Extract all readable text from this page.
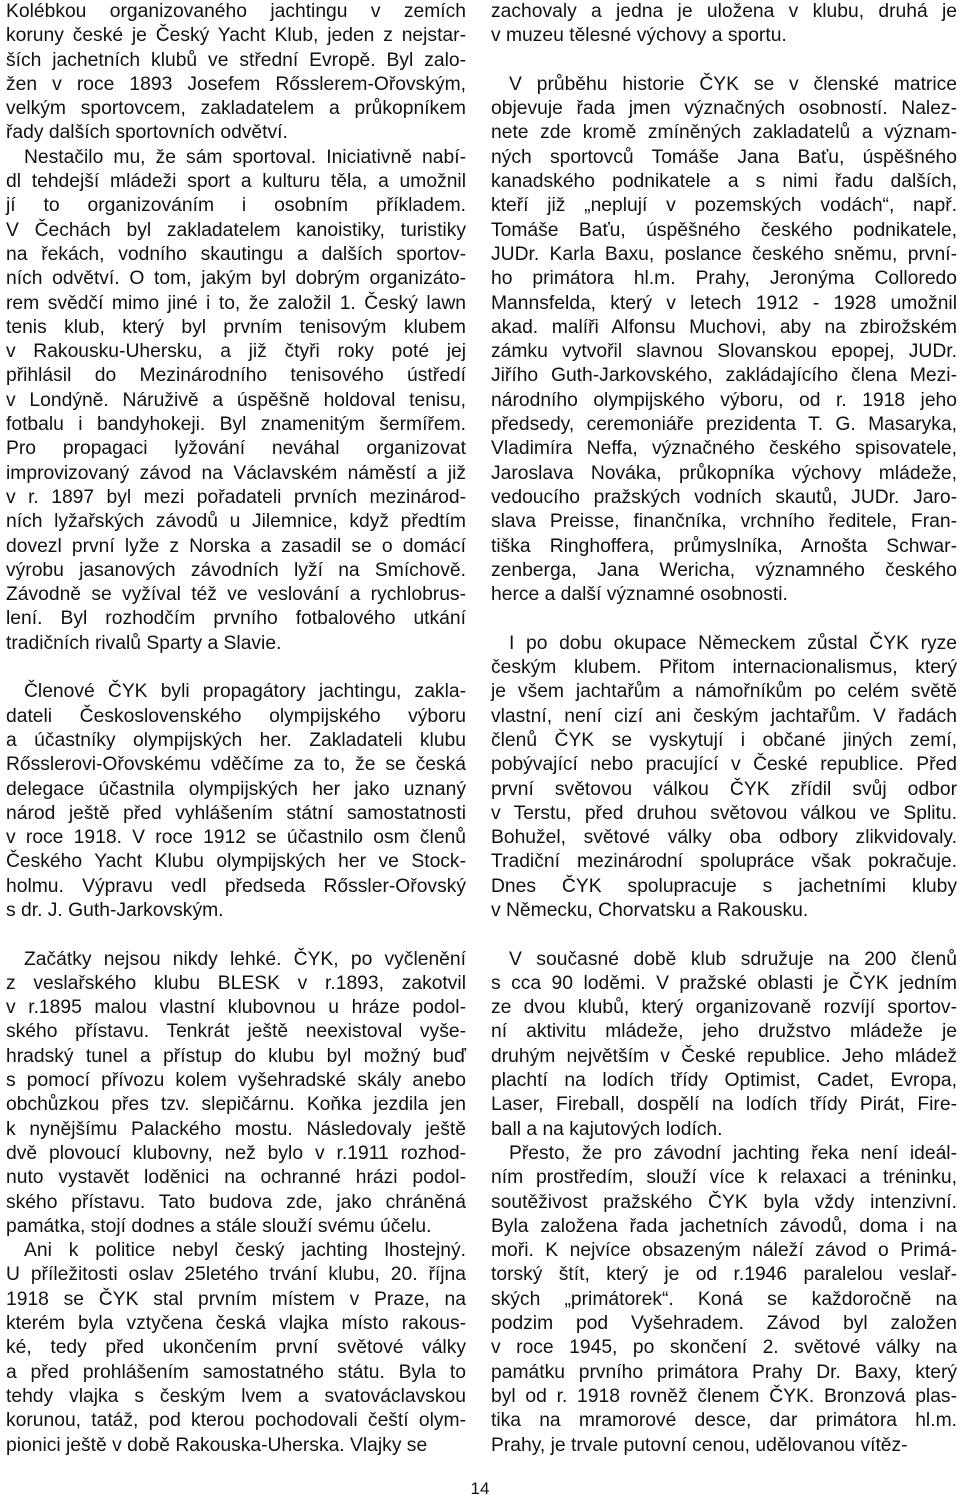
Kolébkou organizovaného jachtingu v zemích
koruny české je Český Yacht Klub, jeden z nejstar-
ších jachetních klubů ve střední Evropě. Byl zalo-
žen v roce 1893 Josefem Rősslerem-Ořovským,
velkým sportovcem, zakladatelem a průkopníkem
řady dalších sportovních odvětví.
Nestačilo mu, že sám sportoval. Iniciativně nabí-
dl tehdejší mládeži sport a kulturu těla, a umožnil
jí to organizováním i osobním příkladem.
V Čechách byl zakladatelem kanoistiky, turistiky
na řekách, vodního skautingu a dalších sportov-
ních odvětví. O tom, jakým byl dobrým organizáto-
rem svědčí mimo jiné i to, že založil 1. Český lawn
tenis klub, který byl prvním tenisovým klubem
v Rakousku-Uhersku, a již čtyři roky poté jej
přihlásil do Mezinárodního tenisového ústředí
v Londýně. Náruživě a úspěšně holdoval tenisu,
fotbalu i bandyhokeji. Byl znamenitým šermířem.
Pro propagaci lyžování neváhal organizovat
improvizovaný závod na Václavském náměstí a již
v r. 1897 byl mezi pořadateli prvních mezinárod-
ních lyžařských závodů u Jilemnice, když předtím
dovezl první lyže z Norska a zasadil se o domácí
výrobu jasanových závodních lyží na Smíchově.
Závodně se vyžíval též ve veslování a rychlobrus-
lení. Byl rozhodčím prvního fotbalového utkání
tradičních rivalů Sparty a Slavie.
Členové ČYK byli propagátory jachtingu, zakla-
dateli Československého olympijského výboru
a účastníky olympijských her. Zakladateli klubu
Rősslerovi-Ořovskému vděčíme za to, že se česká
delegace účastnila olympijských her jako uznaný
národ ještě před vyhlášením státní samostatnosti
v roce 1918. V roce 1912 se účastnilo osm členů
Českého Yacht Klubu olympijských her ve Stock-
holmu. Výpravu vedl předseda Rőssler-Ořovský
s dr. J. Guth-Jarkovským.
Začátky nejsou nikdy lehké. ČYK, po vyčlenění
z veslařského klubu BLESK v r.1893, zakotvil
v r.1895 malou vlastní klubovnou u hráze podol-
ského přístavu. Tenkrát ještě neexistoval vyše-
hradský tunel a přístup do klubu byl možný buď
s pomocí přívozu kolem vyšehradské skály anebo
obchůzkou přes tzv. slepičárnu. Koňka jezdila jen
k nynějšímu Palackého mostu. Následovaly ještě
dvě plovoucí klubovny, než bylo v r.1911 rozhod-
nuto vystavět loděnici na ochranné hrázi podol-
ského přístavu. Tato budova zde, jako chráněná
památka, stojí dodnes a stále slouží svému účelu.
Ani k politice nebyl český jachting lhostejný.
U příležitosti oslav 25letého trvání klubu, 20. října
1918 se ČYK stal prvním místem v Praze, na
kterém byla vztyčena česká vlajka místo rakous-
ké, tedy před ukončením první světové války
a před prohlášením samostatného státu. Byla to
tehdy vlajka s českým lvem a svatováclavskou
korunou, tatáž, pod kterou pochodovali čeští olym-
pionici ještě v době Rakouska-Uherska. Vlajky se
zachovaly a jedna je uložena v klubu, druhá je
v muzeu tělesné výchovy a sportu.
V průběhu historie ČYK se v členské matrice
objevuje řada jmen význačných osobností. Nalez-
nete zde kromě zmíněných zakladatelů a význam-
ných sportovců Tomáše Jana Baťu, úspěšného
kanadského podnikatele a s nimi řadu dalších,
kteří již „neplují v pozemských vodách“, např.
Tomáše Baťu, úspěšného českého podnikatele,
JUDr. Karla Baxu, poslance českého sněmu, první-
ho primátora hl.m. Prahy, Jeronýma Colloredo
Mannsfelda, který v letech 1912 - 1928 umožnil
akad. malíři Alfonsu Muchovi, aby na zbirožském
zámku vytvořil slavnou Slovanskou epopej, JUDr.
Jiřího Guth-Jarkovského, zakládajícího člena Mezi-
národního olympijského výboru, od r. 1918 jeho
předsedy, ceremoniáře prezidenta T. G. Masaryka,
Vladimíra Neffa, význačného českého spisovatele,
Jaroslava Nováka, průkopníka výchovy mládeže,
vedoucího pražských vodních skautů, JUDr. Jaro-
slava Preisse, finančníka, vrchního ředitele, Fran-
tiška Ringhoffera, průmyslníka, Arnošta Schwar-
zenberga, Jana Wericha, významného českého
herce a další významné osobnosti.
I po dobu okupace Německem zůstal ČYK ryze
českým klubem. Přitom internacionalismus, který
je všem jachtařům a námořníkům po celém světě
vlastní, není cizí ani českým jachtařům. V řadách
členů ČYK se vyskytují i občané jiných zemí,
pobývající nebo pracující v České republice. Před
první světovou válkou ČYK zřídil svůj odbor
v Terstu, před druhou světovou válkou ve Splitu.
Bohužel, světové války oba odbory zlikvidovaly.
Tradiční mezinárodní spolupráce však pokračuje.
Dnes ČYK spolupracuje s jachetními kluby
v Německu, Chorvatsku a Rakousku.
V současné době klub sdružuje na 200 členů
s cca 90 loděmi. V pražské oblasti je ČYK jedním
ze dvou klubů, který organizovaně rozvíjí sportov-
ní aktivitu mládeže, jeho družstvo mládeže je
druhým největším v České republice. Jeho mládež
plachtí na lodích třídy Optimist, Cadet, Evropa,
Laser, Fireball, dospělí na lodích třídy Pirát, Fire-
ball a na kajutových lodích.
Přesto, že pro závodní jachting řeka není ideál-
ním prostředím, slouží více k relaxaci a tréninku,
soutěživost pražského ČYK byla vždy intenzivní.
Byla založena řada jachetních závodů, doma i na
moři. K nejvíce obsazeným náleží závod o Primá-
torský štít, který je od r.1946 paralelou veslař-
ských „primátorek“. Koná se každoročně na
podzim pod Vyšehradem. Závod byl založen
v roce 1945, po skončení 2. světové války na
památku prvního primátora Prahy Dr. Baxy, který
byl od r. 1918 rovněž členem ČYK. Bronzová plas-
tika na mramorové desce, dar primátora hl.m.
Prahy, je trvale putovní cenou, udělovanou vítěz-
14
